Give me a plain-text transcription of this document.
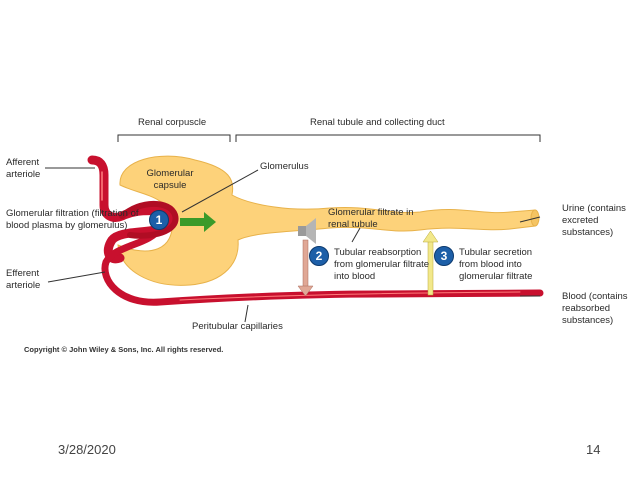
Renal corpuscle	Renal tubule and collecting duct
Afferent arteriole
Glomerular filtration (filtration of blood plasma by glomerulus)
Efferent arteriole
Glomerular capsule
Glomerulus
Glomerular filtrate in renal tubule
Tubular reabsorption from glomerular filtrate into blood
Tubular secretion from blood into glomerular filtrate
Urine (contains excreted substances)
Blood (contains reabsorbed substances)
Peritubular capillaries
Copyright © John Wiley & Sons, Inc. All rights reserved.
1
2	3
3/28/2020	14
